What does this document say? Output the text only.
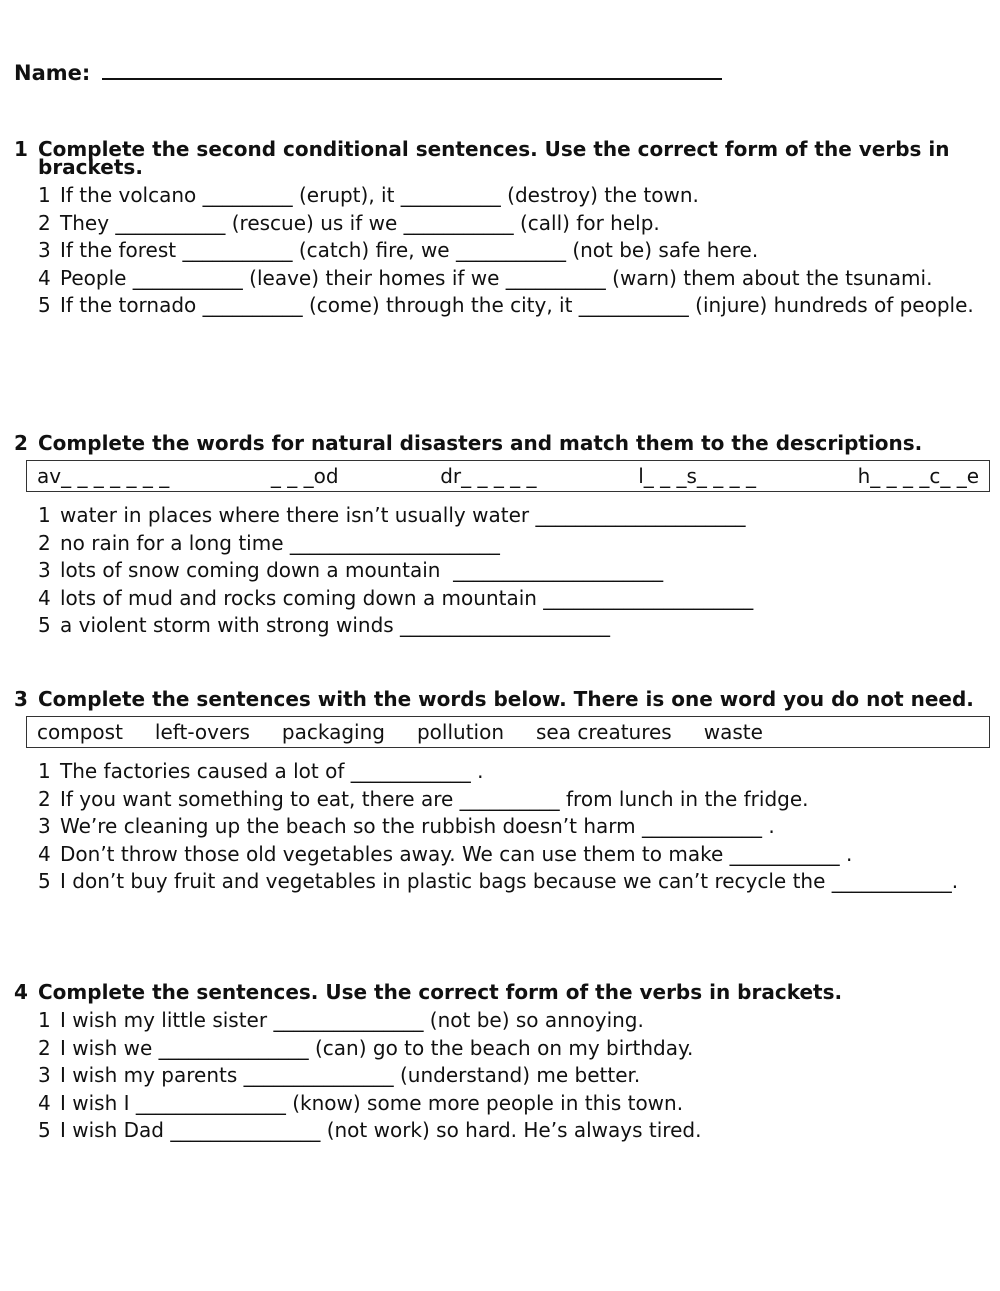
Name:
1 Complete the second conditional sentences. Use the correct form of the verbs in brackets.
1 If the volcano _________ (erupt), it __________ (destroy) the town.
2 They ___________ (rescue) us if we ___________ (call) for help.
3 If the forest ___________ (catch) fire, we ___________ (not be) safe here.
4 People ___________ (leave) their homes if we __________ (warn) them about the tsunami.
5 If the tornado __________ (come) through the city, it ___________ (injure) hundreds of people.
2 Complete the words for natural disasters and match them to the descriptions.
av_ _ _ _ _ _ _	_ _ _od	dr_ _ _ _ _	l_ _ _s_ _ _ _	h_ _ _ _c_ _e
1 water in places where there isn’t usually water _____________________
2 no rain for a long time _____________________
3 lots of snow coming down a mountain  _____________________
4 lots of mud and rocks coming down a mountain _____________________
5 a violent storm with strong winds _____________________
3 Complete the sentences with the words below. There is one word you do not need.
compost left-overs packaging pollution sea creatures waste
1 The factories caused a lot of ____________ .
2 If you want something to eat, there are __________ from lunch in the fridge.
3 We’re cleaning up the beach so the rubbish doesn’t harm ____________ .
4 Don’t throw those old vegetables away. We can use them to make ___________ .
5 I don’t buy fruit and vegetables in plastic bags because we can’t recycle the ____________.
4 Complete the sentences. Use the correct form of the verbs in brackets.
1 I wish my little sister _______________ (not be) so annoying.
2 I wish we _______________ (can) go to the beach on my birthday.
3 I wish my parents _______________ (understand) me better.
4 I wish I _______________ (know) some more people in this town.
5 I wish Dad _______________ (not work) so hard. He’s always tired.
